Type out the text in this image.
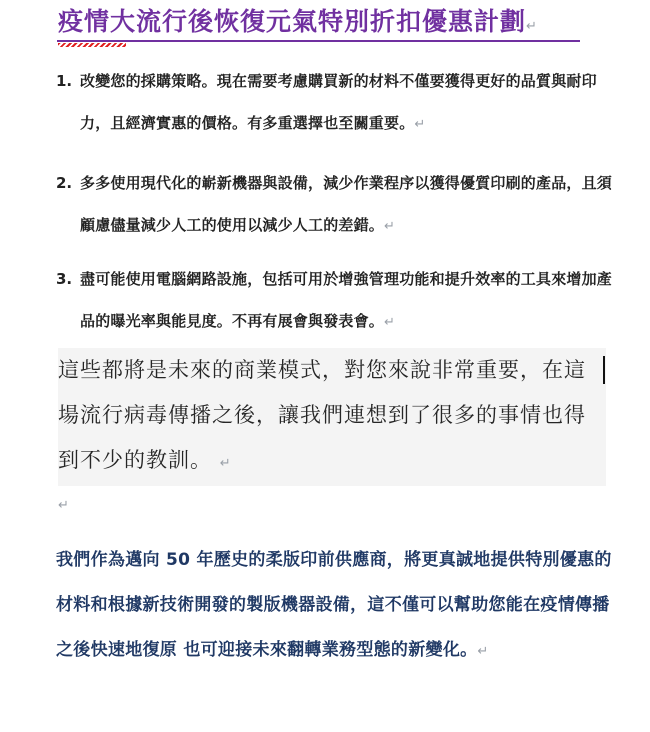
疫情大流行後恢復元氣特別折扣優惠計劃↵
1. 改變您的採購策略。現在需要考慮購買新的材料不僅要獲得更好的品質與耐印力，且經濟實惠的價格。有多重選擇也至關重要。↵
2. 多多使用現代化的嶄新機器與設備，減少作業程序以獲得優質印刷的產品，且須顧慮儘量減少人工的使用以減少人工的差錯。↵
3. 盡可能使用電腦網路設施，包括可用於增強管理功能和提升效率的工具來增加產品的曝光率與能見度。不再有展會與發表會。↵
這些都將是未來的商業模式，對您來說非常重要，在這場流行病毒傳播之後，讓我們連想到了很多的事情也得到不少的教訓。 ↵
↵
我們作為邁向 50 年歷史的柔版印前供應商，將更真誠地提供特別優惠的材料和根據新技術開發的製版機器設備，這不僅可以幫助您能在疫情傳播之後快速地復原 也可迎接未來翻轉業務型態的新變化。↵
